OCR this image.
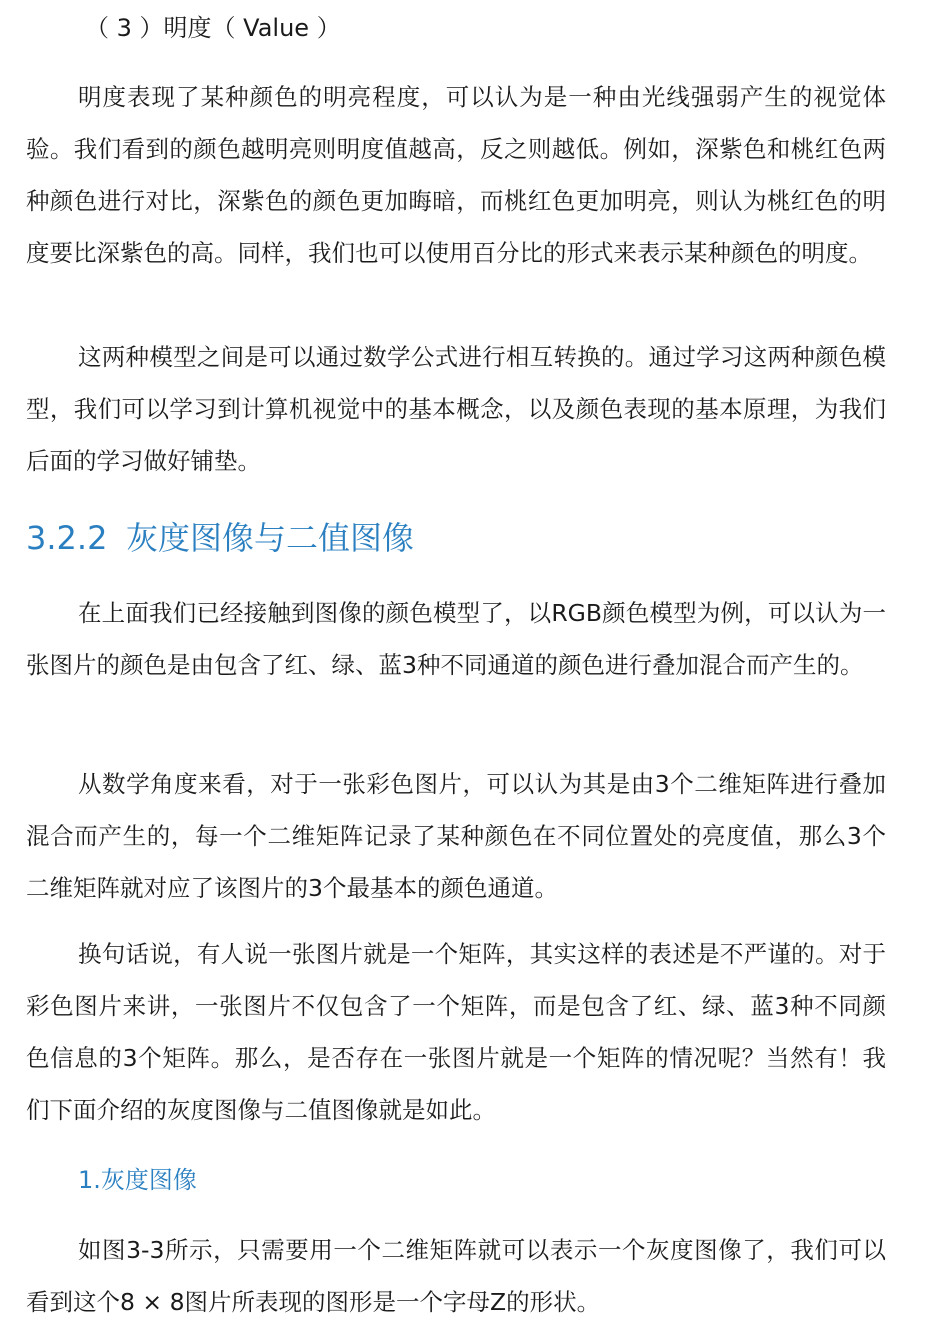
（ 3 ）明度（ Value ）

明度表现了某种颜色的明亮程度，可以认为是一种由光线强弱产生的视觉体验。我们看到的颜色越明亮则明度值越高，反之则越低。例如，深紫色和桃红色两种颜色进行对比，深紫色的颜色更加晦暗，而桃红色更加明亮，则认为桃红色的明度要比深紫色的高。同样，我们也可以使用百分比的形式来表示某种颜色的明度。

这两种模型之间是可以通过数学公式进行相互转换的。通过学习这两种颜色模型，我们可以学习到计算机视觉中的基本概念，以及颜色表现的基本原理，为我们后面的学习做好铺垫。

3.2.2 灰度图像与二值图像

在上面我们已经接触到图像的颜色模型了，以RGB颜色模型为例，可以认为一张图片的颜色是由包含了红、绿、蓝3种不同通道的颜色进行叠加混合而产生的。

从数学角度来看，对于一张彩色图片，可以认为其是由3个二维矩阵进行叠加混合而产生的，每一个二维矩阵记录了某种颜色在不同位置处的亮度值，那么3个二维矩阵就对应了该图片的3个最基本的颜色通道。

换句话说，有人说一张图片就是一个矩阵，其实这样的表述是不严谨的。对于彩色图片来讲，一张图片不仅包含了一个矩阵，而是包含了红、绿、蓝3种不同颜色信息的3个矩阵。那么，是否存在一张图片就是一个矩阵的情况呢？当然有！我们下面介绍的灰度图像与二值图像就是如此。

1.灰度图像

如图3-3所示，只需要用一个二维矩阵就可以表示一个灰度图像了，我们可以看到这个8 × 8图片所表现的图形是一个字母Z的形状。
